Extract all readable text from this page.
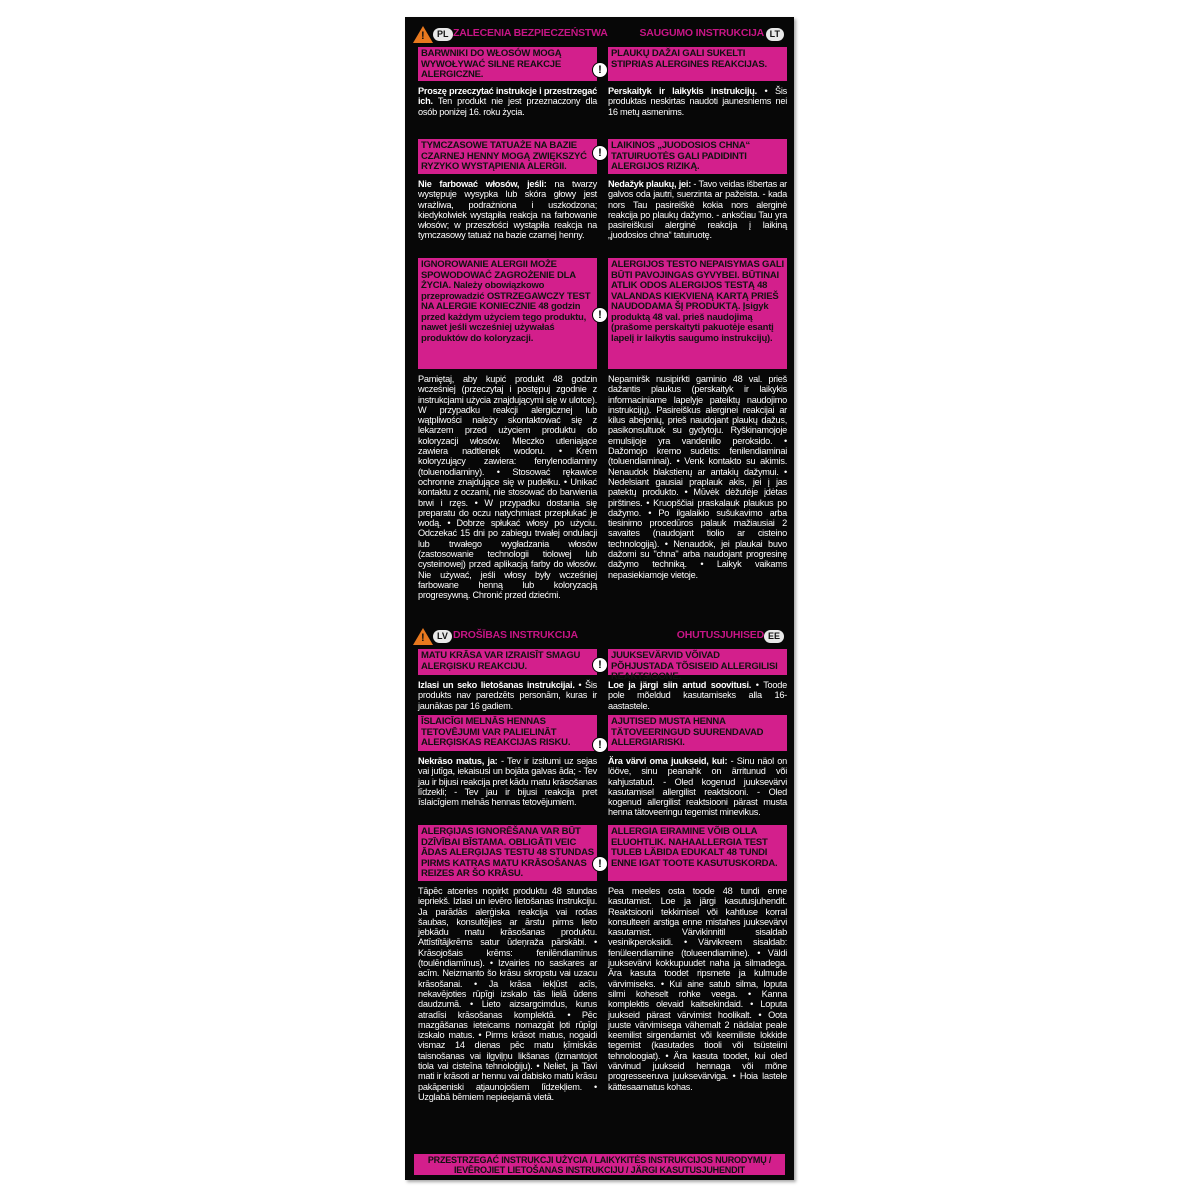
!	PL ZALECENIA BEZPIECZEŃSTWA	SAUGUMO INSTRUKCIJA LT
BARWNIKI DO WŁOSÓW MOGĄ WYWOŁYWAĆ SILNE REAKCJE ALERGICZNE.
Proszę przeczytać instrukcje i przestrzegać ich. Ten produkt nie jest przeznaczony dla osób poniżej 16. roku życia.
TYMCZASOWE TATUAŻE NA BAZIE CZARNEJ HENNY MOGĄ ZWIĘKSZYĆ RYZYKO WYSTĄPIENIA ALERGII.
Nie farbować włosów, jeśli: na twarzy występuje wysypka lub skóra głowy jest wrażliwa, podrażniona i uszkodzona; kiedykolwiek wystąpiła reakcja na farbowanie włosów; w przeszłości wystąpiła reakcja na tymczasowy tatuaż na bazie czarnej henny.
IGNOROWANIE ALERGII MOŻE SPOWODOWAĆ ZAGROŻENIE DLA ŻYCIA. Należy obowiązkowo przeprowadzić OSTRZEGAWCZY TEST NA ALERGIE KONIECZNIE 48 godzin przed każdym użyciem tego produktu, nawet jeśli wcześniej używałaś produktów do koloryzacji.
Pamiętaj, aby kupić produkt 48 godzin wcześniej (przeczytaj i postępuj zgodnie z instrukcjami użycia znajdującymi się w ulotce). W przypadku reakcji alergicznej lub wątpliwości należy skontaktować się z lekarzem przed użyciem produktu do koloryzacji włosów. Mleczko utleniające zawiera nadtlenek wodoru. • Krem koloryzujący zawiera: fenylenodiaminy (toluenodiaminy). • Stosować rękawice ochronne znajdujące się w pudełku. • Unikać kontaktu z oczami, nie stosować do barwienia brwi i rzęs. • W przypadku dostania się preparatu do oczu natychmiast przepłukać je wodą. • Dobrze spłukać włosy po użyciu. Odczekać 15 dni po zabiegu trwałej ondulacji lub trwałego wygładzania włosów (zastosowanie technologii tiolowej lub cysteinowej) przed aplikacją farby do włosów. Nie używać, jeśli włosy były wcześniej farbowane henną lub koloryzacją progresywną. Chronić przed dziećmi.
PLAUKŲ DAŽAI GALI SUKELTI STIPRIAS ALERGINES REAKCIJAS.
Perskaityk ir laikykis instrukcijų. • Šis produktas neskirtas naudoti jaunesniems nei 16 metų asmenims.
LAIKINOS „JUODOSIOS CHNA“ TATUIRUOTĖS GALI PADIDINTI ALERGIJOS RIZIKĄ.
Nedažyk plaukų, jei: - Tavo veidas išbertas ar galvos oda jautri, suerzinta ar pažeista. - kada nors Tau pasireiškė kokia nors alerginė reakcija po plaukų dažymo. - anksčiau Tau yra pasireiškusi alerginė reakcija į laikiną „juodosios chna“ tatuiruotę.
ALERGIJOS TESTO NEPAISYMAS GALI BŪTI PAVOJINGAS GYVYBEI. BŪTINAI ATLIK ODOS ALERGIJOS TESTĄ 48 VALANDAS KIEKVIENĄ KARTĄ PRIEŠ NAUDODAMA ŠĮ PRODUKTĄ. Įsigyk produktą 48 val. prieš naudojimą (prašome perskaityti pakuotėje esantį lapelį ir laikytis saugumo instrukcijų).
Nepamiršk nusipirkti gaminio 48 val. prieš dažantis plaukus (perskaityk ir laikykis informaciniame lapelyje pateiktų naudojimo instrukcijų). Pasireiškus alerginei reakcijai ar kilus abejonių, prieš naudojant plaukų dažus, pasikonsultuok su gydytoju. Ryškinamojoje emulsijoje yra vandenilio peroksido. • Dažomojo kremo sudėtis: fenilendiaminai (toluendiaminai). • Venk kontakto su akimis. Nenaudok blakstienų ar antakių dažymui. • Nedelsiant gausiai praplauk akis, jei į jas patektų produkto. • Mūvėk dėžutėje įdėtas pirštines. • Kruopščiai praskalauk plaukus po dažymo. • Po ilgalaikio sušukavimo arba tiesinimo procedūros palauk mažiausiai 2 savaites (naudojant tiolio ar cisteino technologiją). • Nenaudok, jei plaukai buvo dažomi su "chna" arba naudojant progresinę dažymo techniką. • Laikyk vaikams nepasiekiamoje vietoje.
!
!
!
!	LV DROŠĪBAS INSTRUKCIJA	OHUTUSJUHISED EE
MATU KRĀSA VAR IZRAISĪT SMAGU ALERĢISKU REAKCIJU.
Izlasi un seko lietošanas instrukcijai. • Šis produkts nav paredzēts personām, kuras ir jaunākas par 16 gadiem.
ĪSLAICĪGI MELNĀS HENNAS TETOVĒJUMI VAR PALIELINĀT ALERĢISKAS REAKCIJAS RISKU.
Nekrāso matus, ja: - Tev ir izsitumi uz sejas vai jutīga, iekaisusi un bojāta galvas āda; - Tev jau ir bijusi reakcija pret kādu matu krāsošanas līdzekli; - Tev jau ir bijusi reakcija pret īslaicīgiem melnās hennas tetovējumiem.
ALERĢIJAS IGNORĒŠANA VAR BŪT DZĪVĪBAI BĪSTAMA. OBLIGĀTI VEIC ĀDAS ALERĢIJAS TESTU 48 STUNDAS PIRMS KATRAS MATU KRĀSOŠANAS REIZES AR ŠO KRĀSU.
Tāpēc atceries nopirkt produktu 48 stundas iepriekš. Izlasi un ievēro lietošanas instrukciju. Ja parādās alerģiska reakcija vai rodas šaubas, konsultējies ar ārstu pirms lieto jebkādu matu krāsošanas produktu. Attīstītājkrēms satur ūdeņraža pārskābi. • Krāsojošais krēms: fenilēndiamīnus (toulēndiamīnus). • Izvairies no saskares ar acīm. Neizmanto šo krāsu skropstu vai uzacu krāsošanai. • Ja krāsa iekļūst acīs, nekavējoties rūpīgi izskalo tās lielā ūdens daudzumā. • Lieto aizsargcimdus, kurus atradīsi krāsošanas komplektā. • Pēc mazgāšanas ieteicams nomazgāt ļoti rūpīgi izskalo matus. • Pirms krāsot matus, nogaidi vismaz 14 dienas pēc matu ķīmiskās taisnošanas vai ilgviļņu likšanas (izmantojot tiola vai cisteīna tehnoloģiju). • Neliet, ja Tavi mati ir krāsoti ar hennu vai dabisko matu krāsu pakāpeniski atjaunojošiem līdzekļiem. • Uzglabā bērniem nepieejamā vietā.
JUUKSEVÄRVID VÕIVAD PÕHJUSTADA TÕSISEID ALLERGILISI REAKTSIOONE.
Loe ja järgi siin antud soovitusi. • Toode pole mõeldud kasutamiseks alla 16-aastastele.
AJUTISED MUSTA HENNA TÄTOVEERINGUD SUURENDAVAD ALLERGIARISKI.
Ära värvi oma juukseid, kui: - Sinu näol on lööve, sinu peanahk on ärritunud või kahjustatud. - Oled kogenud juuksevärvi kasutamisel allergilist reaktsiooni. - Oled kogenud allergilist reaktsiooni pärast musta henna tätoveeringu tegemist minevikus.
ALLERGIA EIRAMINE VÕIB OLLA ELUOHTLIK. NAHAALLERGIA TEST TULEB LÄBIDA EDUKALT 48 TUNDI ENNE IGAT TOOTE KASUTUSKORDA.
Pea meeles osta toode 48 tundi enne kasutamist. Loe ja järgi kasutusjuhendit. Reaktsiooni tekkimisel või kahtluse korral konsulteeri arstiga enne mistahes juuksevärvi kasutamist. Värvikinnitil sisaldab vesinikperoksiidi. • Värvikreem sisaldab: fenüleendiamiine (tolueendiamiine). • Väldi juuksevärvi kokkupuudet naha ja silmadega. Ära kasuta toodet ripsmete ja kulmude värvimiseks. • Kui aine satub silma, loputa silmi koheselt rohke veega. • Kanna komplektis olevaid kaitsekindaid. • Loputa juukseid pärast värvimist hoolikalt. • Oota juuste värvimisega vähemalt 2 nädalat peale keemilist sirgendamist või keemiliste lokkide tegemist (kasutades tiooli või tsüsteiini tehnoloogiat). • Ära kasuta toodet, kui oled värvinud juukseid hennaga või mõne progresseeruva juuksevärviga. • Hoia lastele kättesaamatus kohas.
!
!
!
PRZESTRZEGAĆ INSTRUKCJI UŻYCIA / LAIKYKITĖS INSTRUKCIJOS NURODYMŲ /
IEVĒROJIET LIETOŠANAS INSTRUKCIJU / JÄRGI KASUTUSJUHENDIT
